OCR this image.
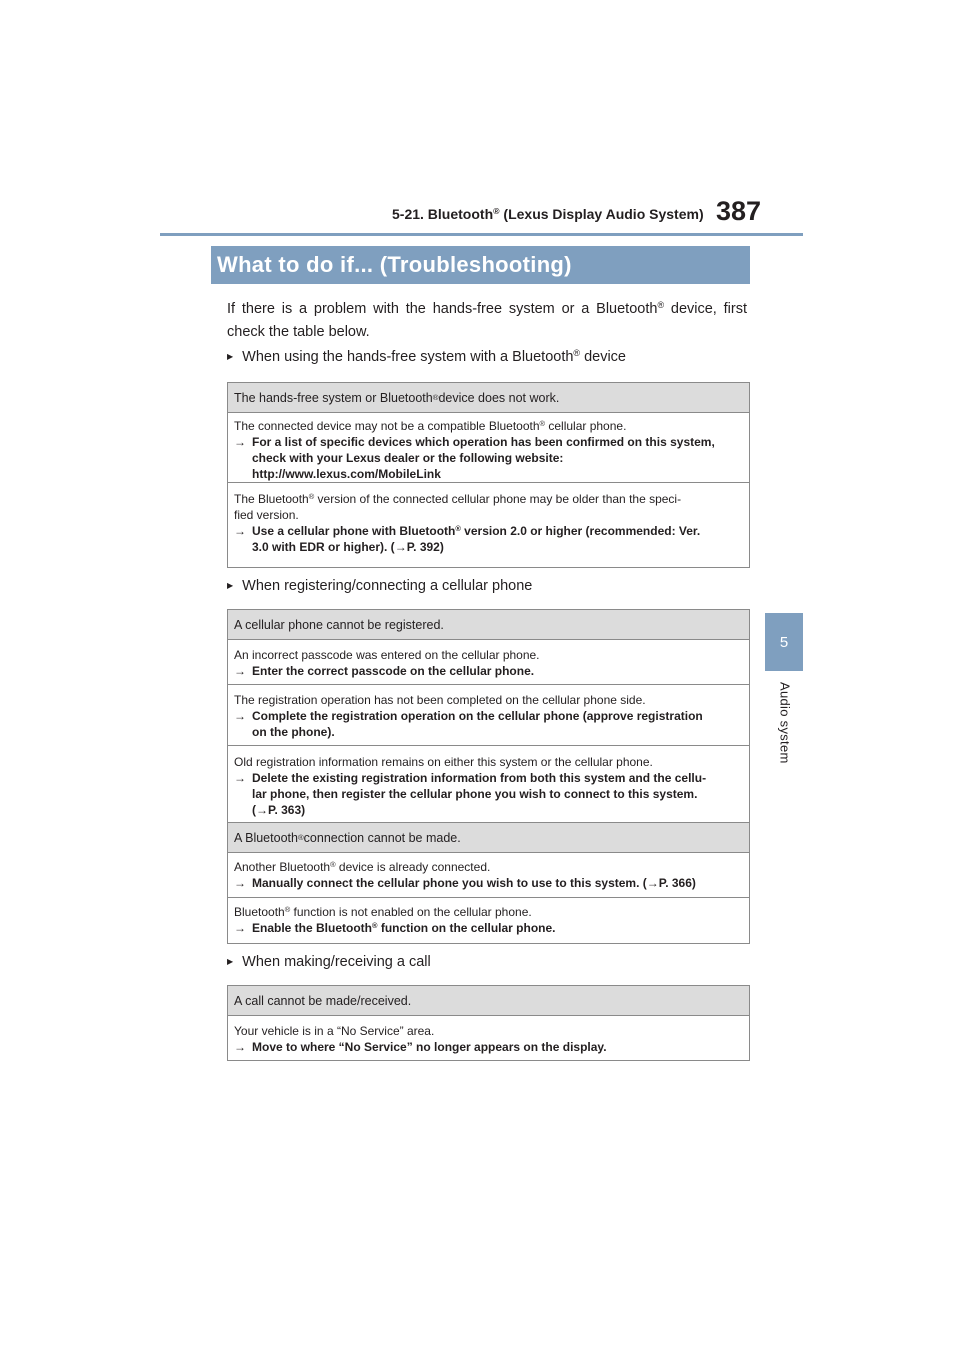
5-21. Bluetooth® (Lexus Display Audio System) 387
5
Audio system
What to do if... (Troubleshooting)
If there is a problem with the hands-free system or a Bluetooth® device, first check the table below.
▶ When using the hands-free system with a Bluetooth® device
The hands-free system or Bluetooth ® device does not work.
The connected device may not be a compatible Bluetooth® cellular phone.
→ For a list of specific devices which operation has been confirmed on this system,
check with your Lexus dealer or the following website:
http://www.lexus.com/MobileLink
The Bluetooth® version of the connected cellular phone may be older than the speci-
fied version.
→ Use a cellular phone with Bluetooth® version 2.0 or higher (recommended: Ver.
3.0 with EDR or higher). (→P. 392)
▶ When registering/connecting a cellular phone
A cellular phone cannot be registered.
An incorrect passcode was entered on the cellular phone.
→ Enter the correct passcode on the cellular phone.
The registration operation has not been completed on the cellular phone side.
→ Complete the registration operation on the cellular phone (approve registration
on the phone).
Old registration information remains on either this system or the cellular phone.
→ Delete the existing registration information from both this system and the cellu-
lar phone, then register the cellular phone you wish to connect to this system.
(→P. 363)
A Bluetooth ® connection cannot be made.
Another Bluetooth® device is already connected.
→ Manually connect the cellular phone you wish to use to this system. (→P. 366)
Bluetooth® function is not enabled on the cellular phone.
→ Enable the Bluetooth® function on the cellular phone.
▶ When making/receiving a call
A call cannot be made/received.
Your vehicle is in a “No Service” area.
→ Move to where “No Service” no longer appears on the display.
